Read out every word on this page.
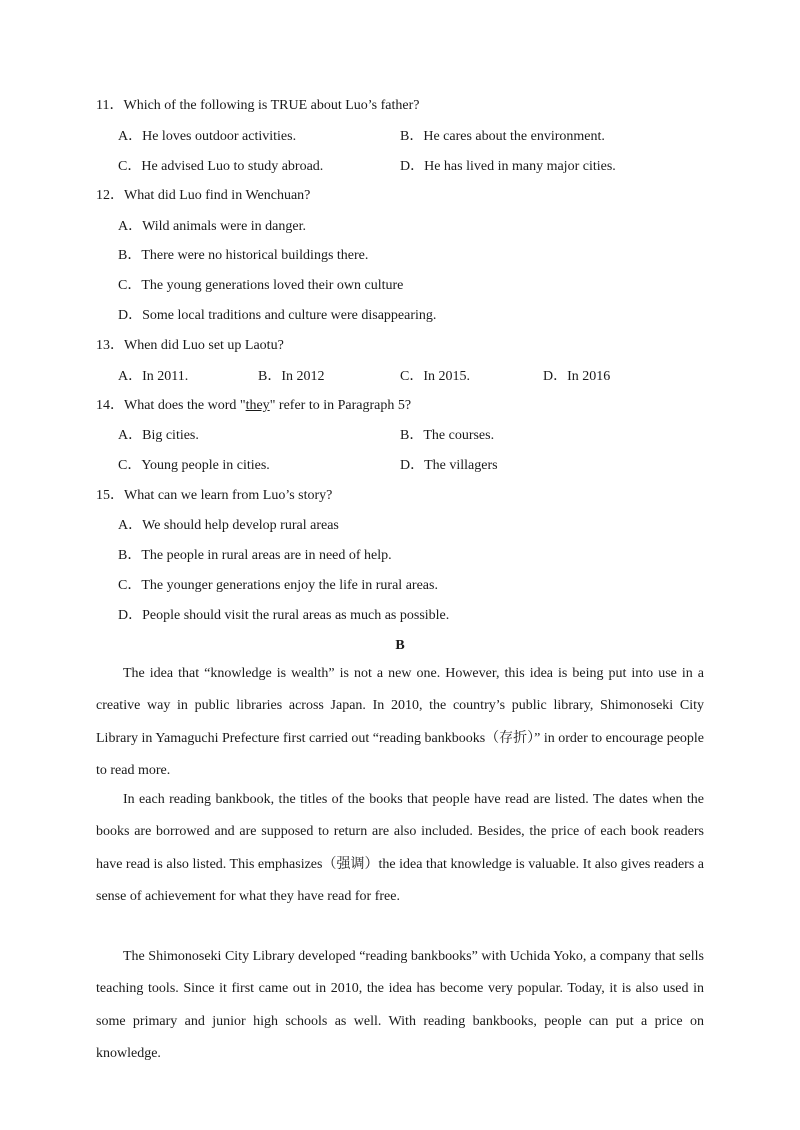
11．Which of the following is TRUE about Luo’s father?
A．He loves outdoor activities.	B．He cares about the environment.
C．He advised Luo to study abroad.	D．He has lived in many major cities.
12．What did Luo find in Wenchuan?
A．Wild animals were in danger.
B．There were no historical buildings there.
C．The young generations loved their own culture
D．Some local traditions and culture were disappearing.
13．When did Luo set up Laotu?
A．In 2011.	B．In 2012	C．In 2015.	D．In 2016
14．What does the word "they" refer to in Paragraph 5?
A．Big cities.	B．The courses.
C．Young people in cities.	D．The villagers
15．What can we learn from Luo’s story?
A．We should help develop rural areas
B．The people in rural areas are in need of help.
C．The younger generations enjoy the life in rural areas.
D．People should visit the rural areas as much as possible.
B
The idea that “knowledge is wealth” is not a new one. However, this idea is being put into use in a creative way in public libraries across Japan. In 2010, the country’s public library, Shimonoseki City Library in Yamaguchi Prefecture first carried out “reading bankbooks（存折）” in order to encourage people to read more.
In each reading bankbook, the titles of the books that people have read are listed. The dates when the books are borrowed and are supposed to return are also included. Besides, the price of each book readers have read is also listed. This emphasizes（强调）the idea that knowledge is valuable. It also gives readers a sense of achievement for what they have read for free.
The Shimonoseki City Library developed “reading bankbooks” with Uchida Yoko, a company that sells teaching tools. Since it first came out in 2010, the idea has become very popular. Today, it is also used in some primary and junior high schools as well. With reading bankbooks, people can put a price on knowledge.
